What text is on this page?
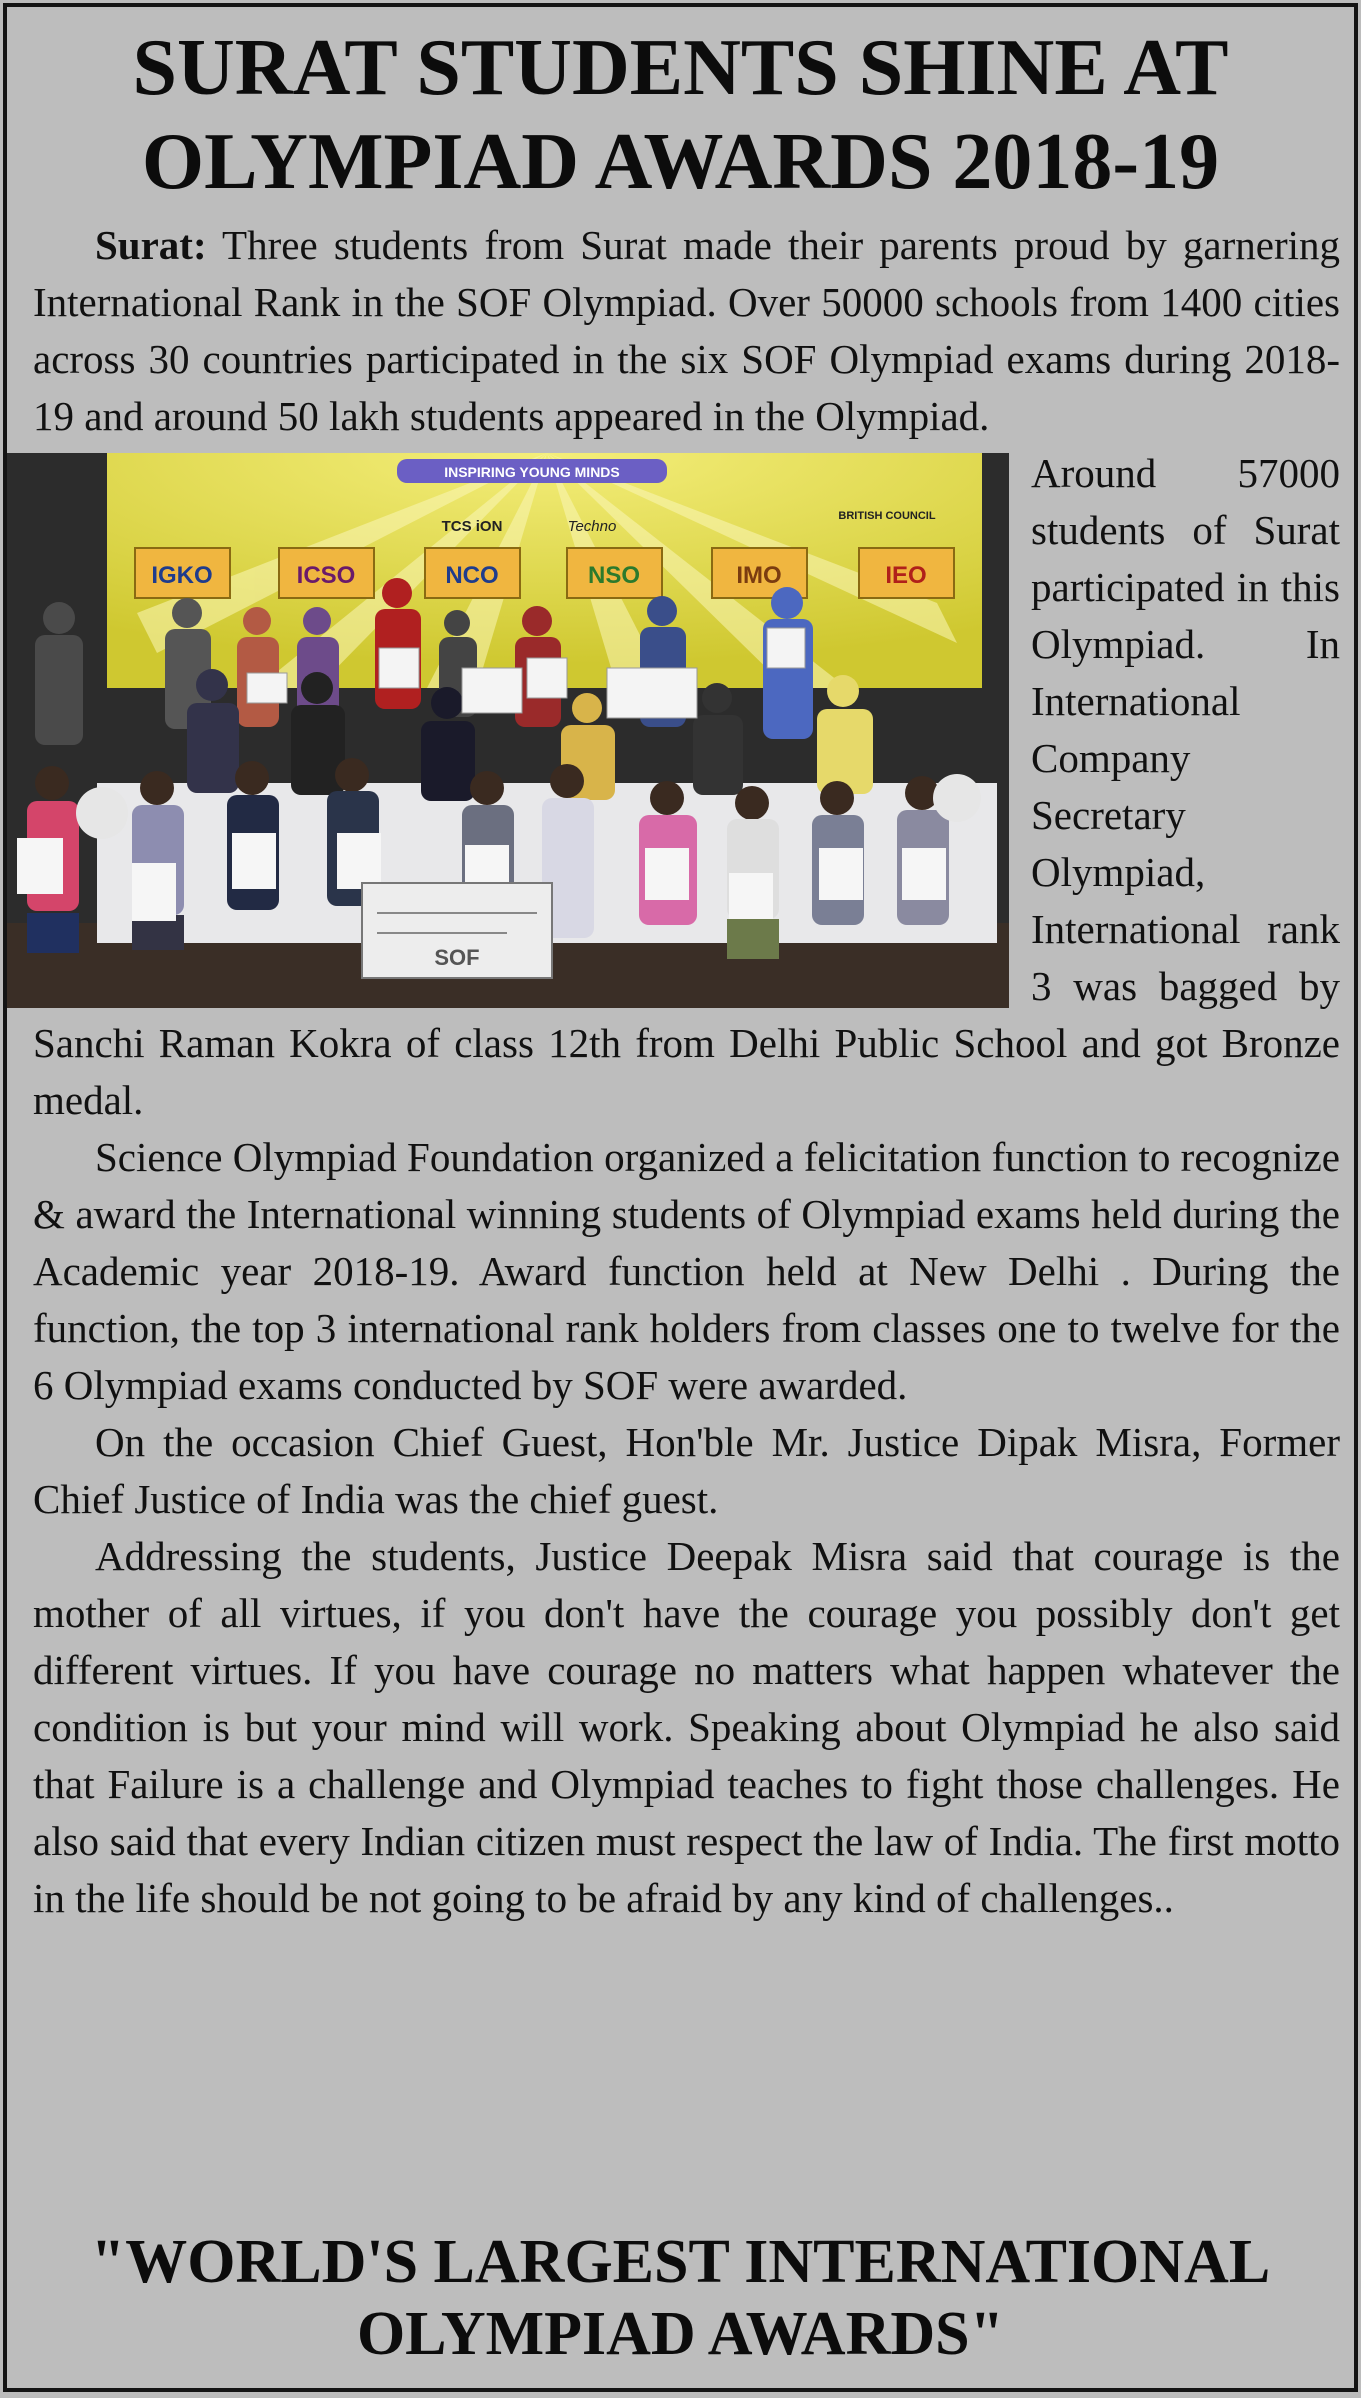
SURAT STUDENTS SHINE AT
OLYMPIAD AWARDS 2018-19

Surat: Three students from Surat made their parents proud by garnering International Rank in the SOF Olympiad. Over 50000 schools from 1400 cities across 30 countries participated in the six SOF Olympiad exams during 2018-19 and around 50 lakh students appeared in the Olympiad.

INSPIRING YOUNG MINDS
TCS iON	Techno
BRITISH COUNCIL
IGKO	ICSO	NCO	NSO	IMO	IEO
SOF

Around 57000 students of Surat participated in this Olympiad. In International Company Secretary Olympiad, International rank 3 was bagged by Sanchi Raman Kokra of class 12th from Delhi Public School and got Bronze medal.

Science Olympiad Foundation organized a felicitation function to recognize & award the International winning students of Olympiad exams held during the Academic year 2018-19. Award function held at New Delhi . During the function, the top 3 international rank holders from classes one to twelve for the 6 Olympiad exams conducted by SOF were awarded.

On the occasion Chief Guest, Hon'ble Mr. Justice Dipak Misra, Former Chief Justice of India was the chief guest.

Addressing the students, Justice Deepak Misra said that courage is the mother of all virtues, if you don't have the courage you possibly don't get different virtues. If you have courage no matters what happen whatever the condition is but your mind will work. Speaking about Olympiad he also said that Failure is a challenge and Olympiad teaches to fight those challenges. He also said that every Indian citizen must respect the law of India. The first motto in the life should be not going to be afraid by any kind of challenges..

"WORLD'S LARGEST INTERNATIONAL
OLYMPIAD AWARDS"
